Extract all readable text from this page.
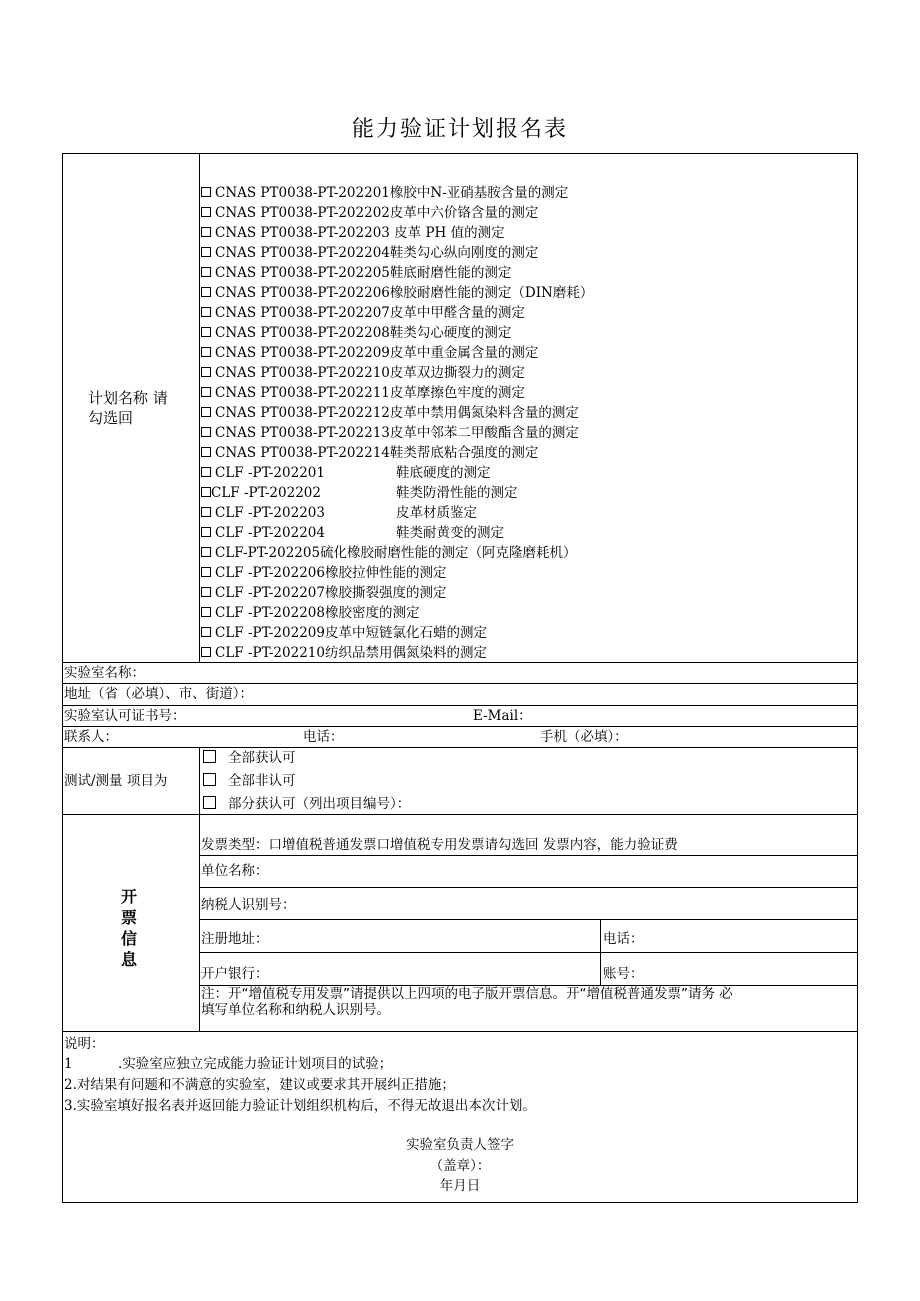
能力验证计划报名表
计划名称 请
勾选回
CNAS PT0038-PT-202201橡胶中N-亚硝基胺含量的测定
CNAS PT0038-PT-202202皮革中六价铬含量的测定
CNAS PT0038-PT-202203 皮革 PH 值的测定
CNAS PT0038-PT-202204鞋类勾心纵向刚度的测定
CNAS PT0038-PT-202205鞋底耐磨性能的测定
CNAS PT0038-PT-202206橡胶耐磨性能的测定（DIN磨耗）
CNAS PT0038-PT-202207皮革中甲醛含量的测定
CNAS PT0038-PT-202208鞋类勾心硬度的测定
CNAS PT0038-PT-202209皮革中重金属含量的测定
CNAS PT0038-PT-202210皮革双边撕裂力的测定
CNAS PT0038-PT-202211皮革摩擦色牢度的测定
CNAS PT0038-PT-202212皮革中禁用偶氮染料含量的测定
CNAS PT0038-PT-202213皮革中邻苯二甲酸酯含量的测定
CNAS PT0038-PT-202214鞋类帮底粘合强度的测定
CLF -PT-202201	鞋底硬度的测定
CLF -PT-202202	鞋类防滑性能的测定
CLF -PT-202203	皮革材质鉴定
CLF -PT-202204	鞋类耐黄变的测定
CLF-PT-202205硫化橡胶耐磨性能的测定（阿克隆磨耗机）
CLF -PT-202206橡胶拉伸性能的测定
CLF -PT-202207橡胶撕裂强度的测定
CLF -PT-202208橡胶密度的测定
CLF -PT-202209皮革中短链氯化石蜡的测定
CLF -PT-202210纺织品禁用偶氮染料的测定
实验室名称：
地址（省（必填）、市、街道）：
实验室认可证书号：	E-Mail：
联系人：	电话：	手机（必填）：
测试/测量 项目为
全部获认可
全部非认可
部分获认可（列出项目编号）：
开票信息
发票类型：口增值税普通发票口增值税专用发票请勾选回 发票内容，能力验证费
单位名称：
纳税人识别号：
注册地址：	电话：
开户银行：	账号：
注：开“增值税专用发票”请提供以上四项的电子版开票信息。开“增值税普通发票”请务 必
填写单位名称和纳税人识别号。
说明：
1	.实验室应独立完成能力验证计划项目的试验；
2.对结果有问题和不满意的实验室，建议或要求其开展纠正措施；
3.实验室填好报名表并返回能力验证计划组织机构后，不得无故退出本次计划。
实验室负责人签字
（盖章）：
年月日
